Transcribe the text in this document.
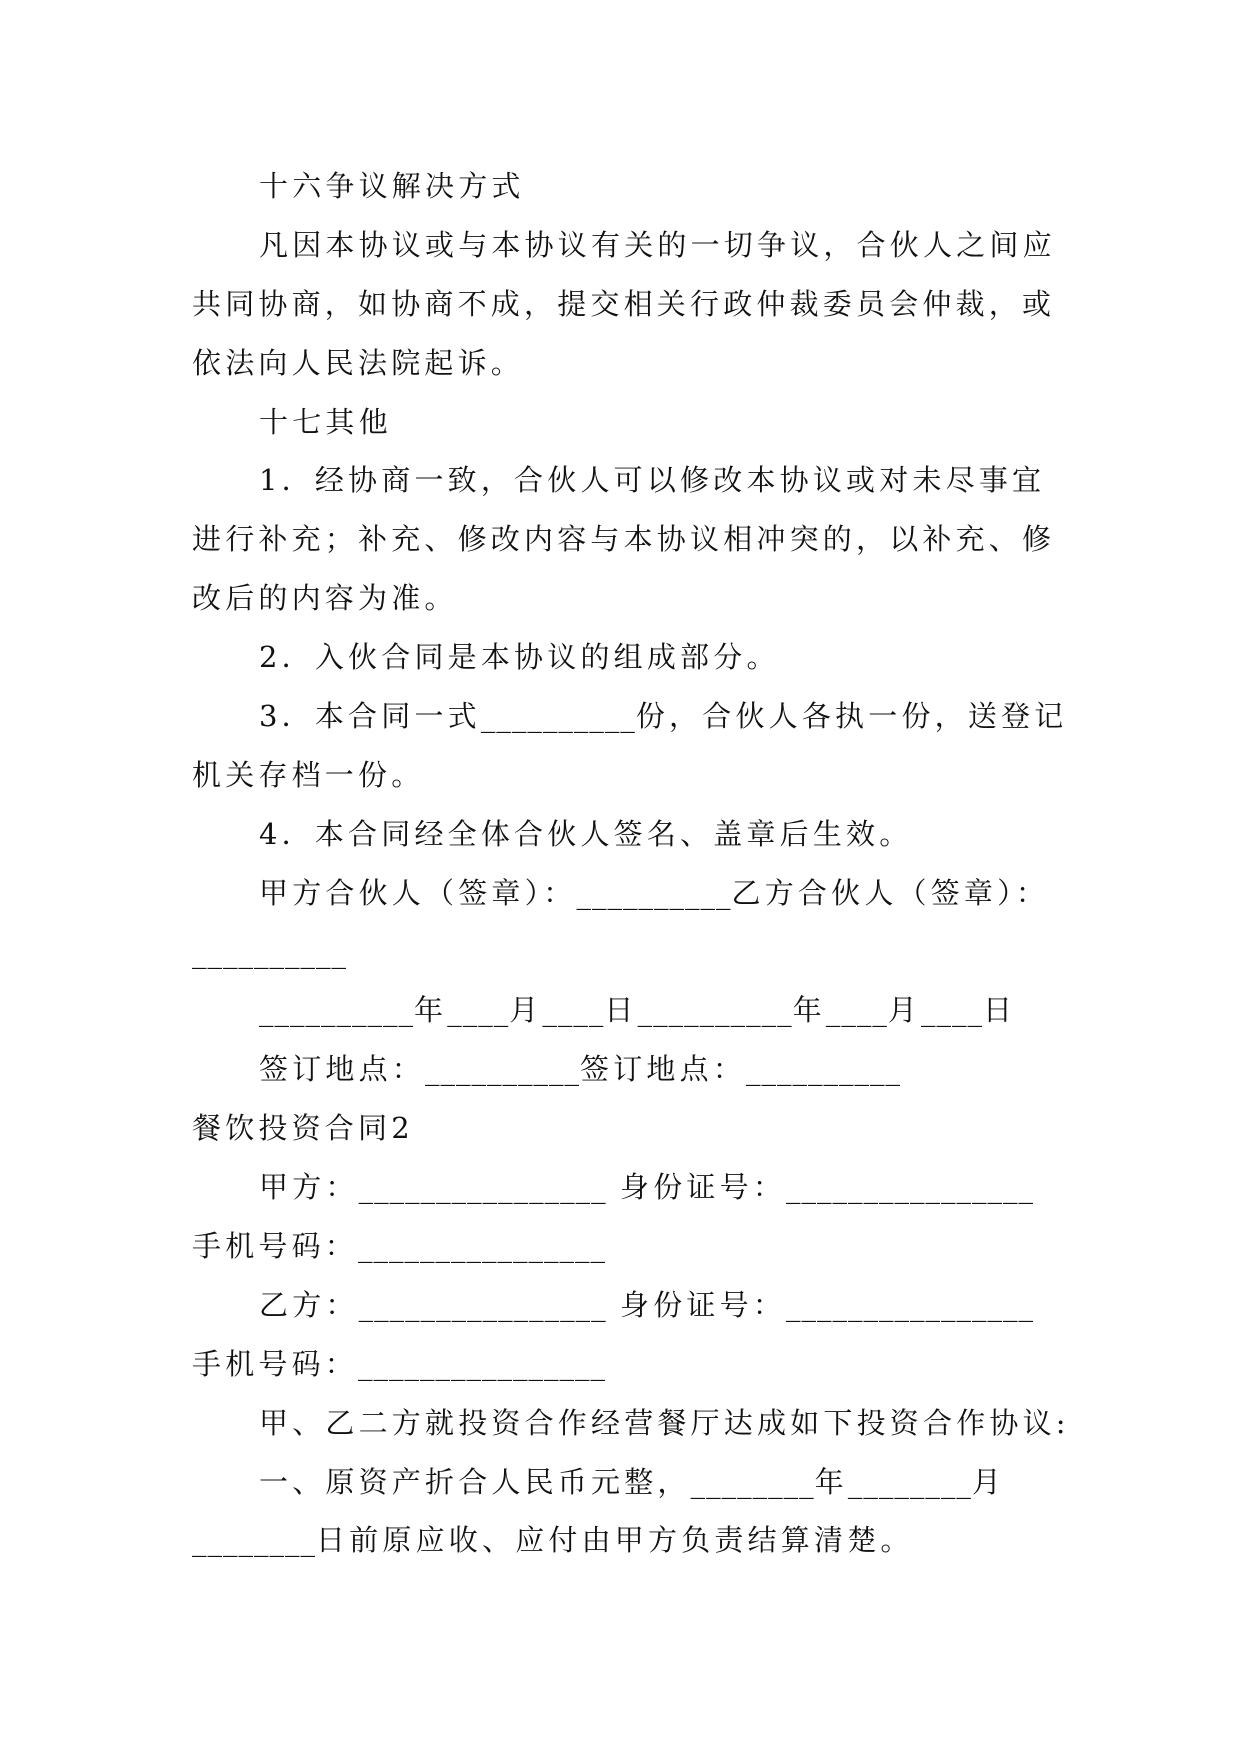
十六争议解决方式
凡因本协议或与本协议有关的一切争议，合伙人之间应
共同协商，如协商不成，提交相关行政仲裁委员会仲裁，或
依法向人民法院起诉。
十七其他
1．经协商一致，合伙人可以修改本协议或对未尽事宜
进行补充；补充、修改内容与本协议相冲突的，以补充、修
改后的内容为准。
2．入伙合同是本协议的组成部分。
3．本合同一式__________份，合伙人各执一份，送登记
机关存档一份。
4．本合同经全体合伙人签名、盖章后生效。
甲方合伙人（签章）：__________乙方合伙人（签章）：
__________
__________年____月____日__________年____月____日
签订地点：__________签订地点：__________
餐饮投资合同2
甲方：________________ 身份证号：________________
手机号码：________________
乙方：________________ 身份证号：________________
手机号码：________________
甲、乙二方就投资合作经营餐厅达成如下投资合作协议:
一、原资产折合人民币元整，________年________月
________日前原应收、应付由甲方负责结算清楚。
